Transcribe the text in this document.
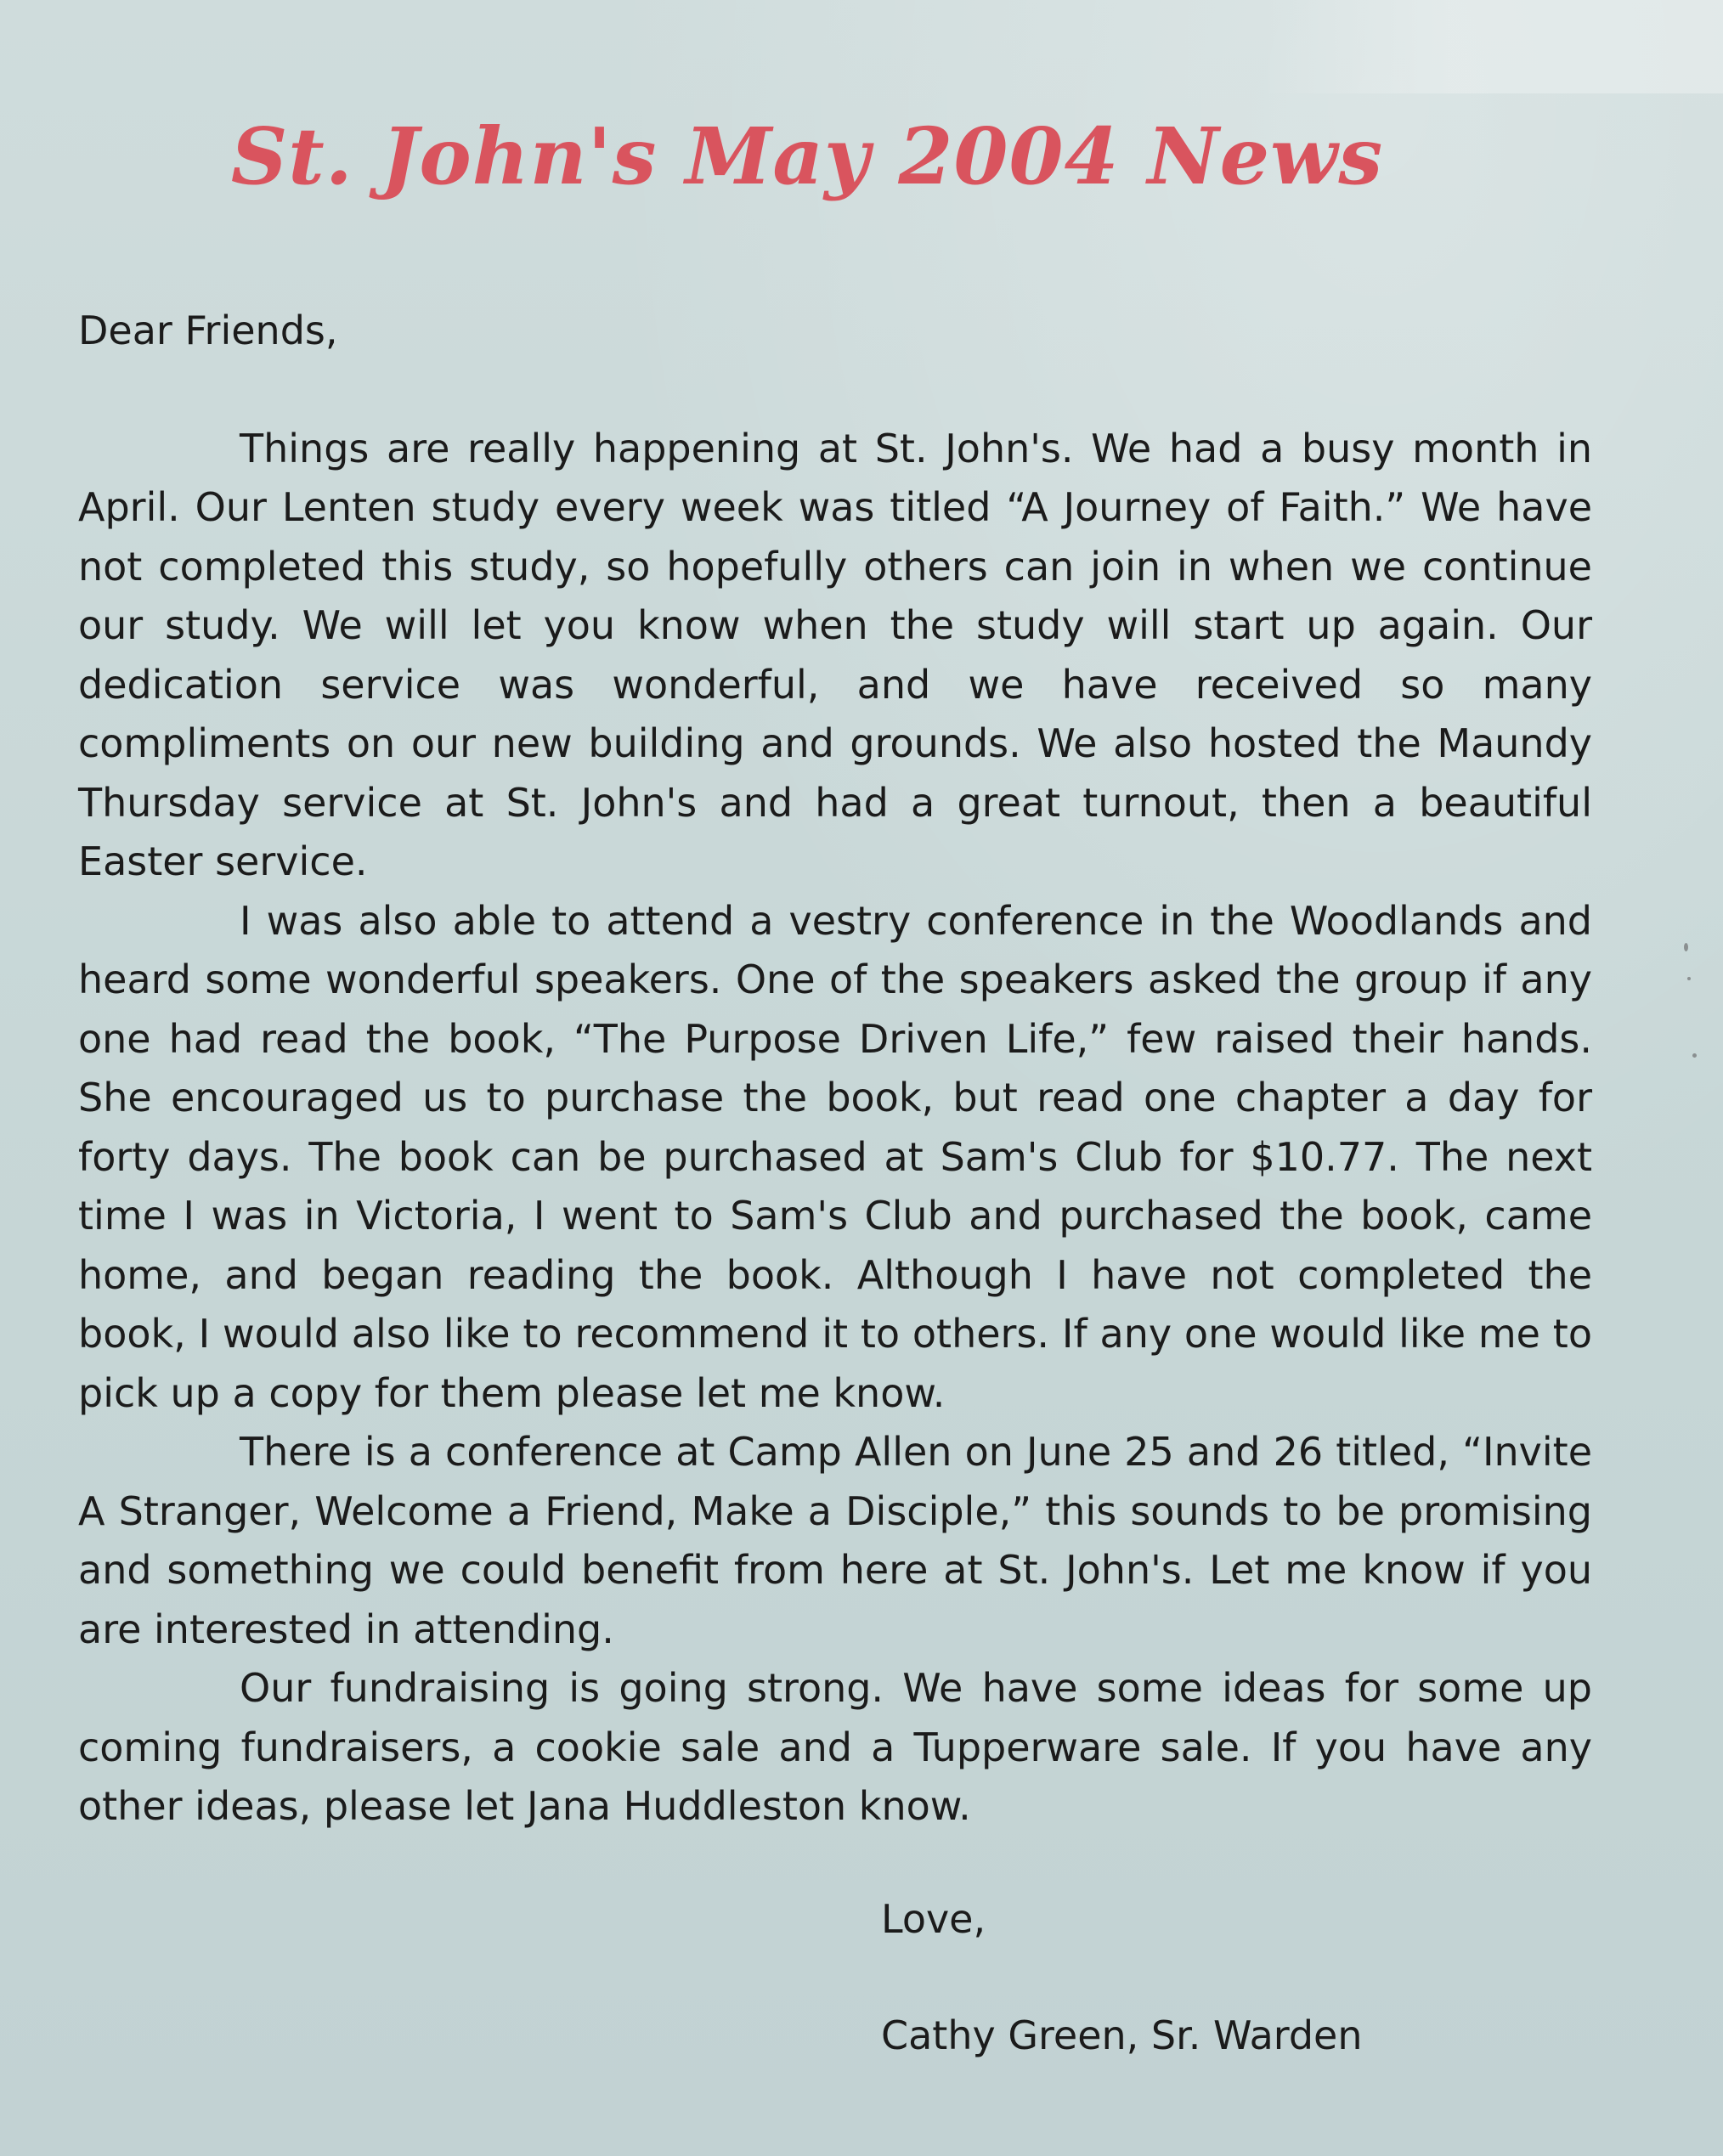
St. John's May 2004 News

Dear Friends,

Things are really happening at St. John's. We had a busy month in April. Our Lenten study every week was titled “A Journey of Faith.” We have not completed this study, so hopefully others can join in when we continue our study. We will let you know when the study will start up again. Our dedication service was wonderful, and we have received so many compliments on our new building and grounds. We also hosted the Maundy Thursday service at St. John's and had a great turnout, then a beautiful Easter service.

I was also able to attend a vestry conference in the Woodlands and heard some wonderful speakers. One of the speakers asked the group if any one had read the book, “The Purpose Driven Life,” few raised their hands. She encouraged us to purchase the book, but read one chapter a day for forty days. The book can be purchased at Sam's Club for $10.77. The next time I was in Victoria, I went to Sam's Club and purchased the book, came home, and began reading the book. Although I have not completed the book, I would also like to recommend it to others. If any one would like me to pick up a copy for them please let me know.

There is a conference at Camp Allen on June 25 and 26 titled, “Invite A Stranger, Welcome a Friend, Make a Disciple,” this sounds to be promising and something we could benefit from here at St. John's. Let me know if you are interested in attending.

Our fundraising is going strong. We have some ideas for some up coming fundraisers, a cookie sale and a Tupperware sale. If you have any other ideas, please let Jana Huddleston know.

Love,
Cathy Green, Sr. Warden
